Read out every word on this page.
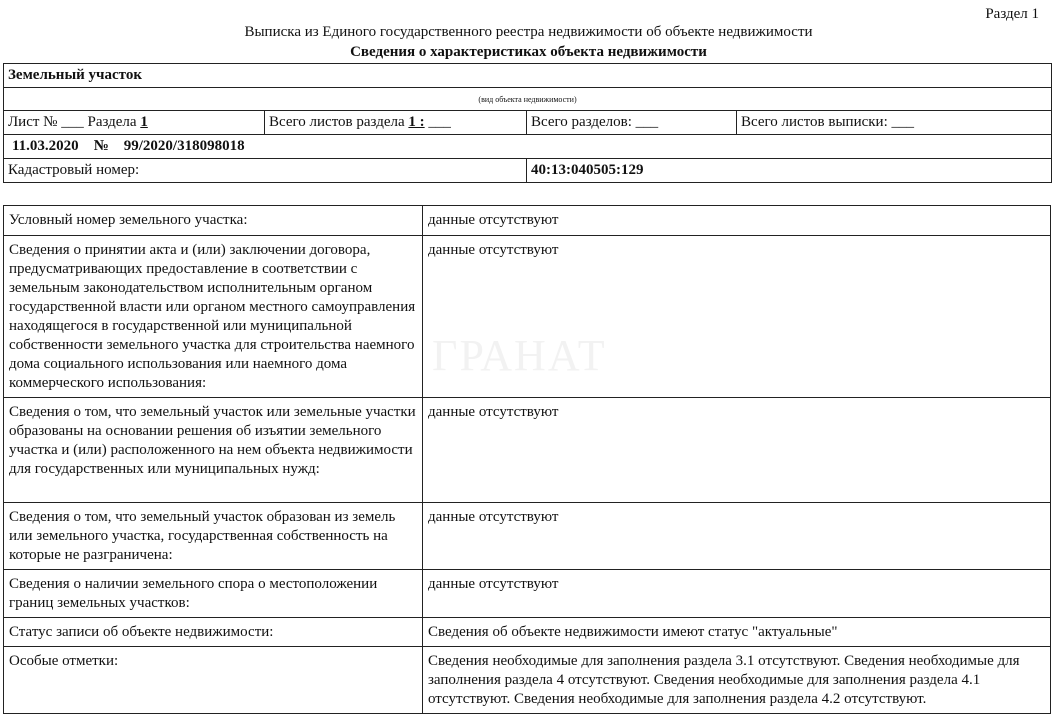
Раздел 1
Выписка из Единого государственного реестра недвижимости об объекте недвижимости
Сведения о характеристиках объекта недвижимости
Земельный участок			
(вид объекта недвижимости)			
Лист № ___ Раздела 1	Всего листов раздела 1 : ___	Всего разделов: ___	Всего листов выписки: ___
11.03.2020 № 99/2020/318098018			
Кадастровый номер:		40:13:040505:129	
Условный номер земельного участка:	данные отсутствуют
Сведения о принятии акта и (или) заключении договора, предусматривающих предоставление в соответствии с земельным законодательством исполнительным органом государственной власти или органом местного самоуправления находящегося в государственной или муниципальной собственности земельного участка для строительства наемного дома социального использования или наемного дома коммерческого использования:	данные отсутствуют
Сведения о том, что земельный участок или земельные участки образованы на основании решения об изъятии земельного участка и (или) расположенного на нем объекта недвижимости для государственных или муниципальных нужд:	данные отсутствуют
Сведения о том, что земельный участок образован из земель или земельного участка, государственная собственность на которые не разграничена:	данные отсутствуют
Сведения о наличии земельного спора о местоположении границ земельных участков:	данные отсутствуют
Статус записи об объекте недвижимости:	Сведения об объекте недвижимости имеют статус "актуальные"
Особые отметки:	Сведения необходимые для заполнения раздела 3.1 отсутствуют. Сведения необходимые для заполнения раздела 4 отсутствуют. Сведения необходимые для заполнения раздела 4.1 отсутствуют. Сведения необходимые для заполнения раздела 4.2 отсутствуют.
ГРАНАТ
